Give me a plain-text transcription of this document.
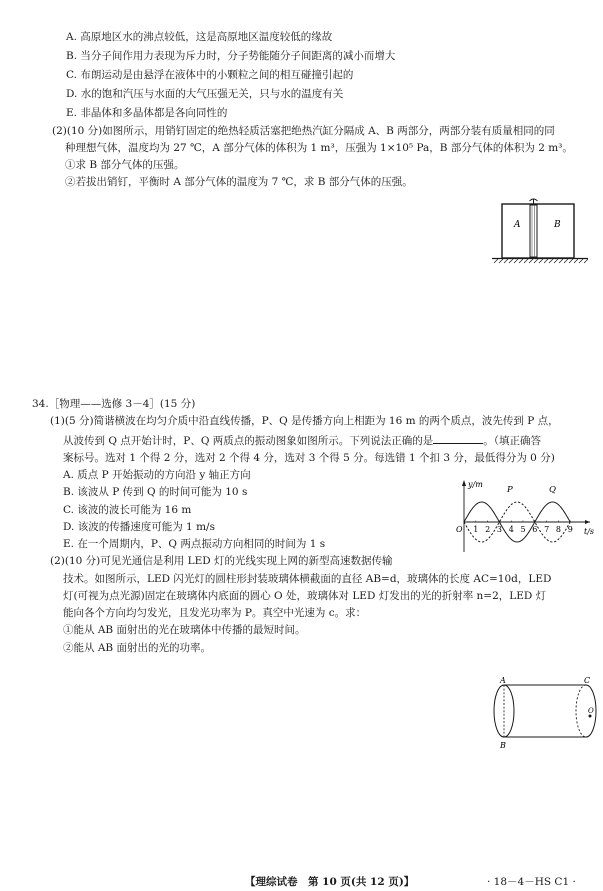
A. 高原地区水的沸点较低，这是高原地区温度较低的缘故
B. 当分子间作用力表现为斥力时，分子势能随分子间距离的减小而增大
C. 布朗运动是由悬浮在液体中的小颗粒之间的相互碰撞引起的
D. 水的饱和汽压与水面的大气压强无关，只与水的温度有关
E. 非晶体和多晶体都是各向同性的
(2)(10 分)如图所示，用销钉固定的绝热轻质活塞把绝热汽缸分隔成 A、B 两部分，两部分装有质量相同的同
种理想气体，温度均为 27 ℃，A 部分气体的体积为 1 m³，压强为 1×10⁵ Pa，B 部分气体的体积为 2 m³。
①求 B 部分气体的压强。
②若拔出销钉，平衡时 A 部分气体的温度为 7 ℃，求 B 部分气体的压强。
A	B
34.［物理——选修 3－4］(15 分)
(1)(5 分)简谐横波在均匀介质中沿直线传播，P、Q 是传播方向上相距为 16 m 的两个质点，波先传到 P 点，
从波传到 Q 点开始计时，P、Q 两质点的振动图象如图所示。下列说法正确的是	。（填正确答
案标号。选对 1 个得 2 分，选对 2 个得 4 分，选对 3 个得 5 分。每选错 1 个扣 3 分，最低得分为 0 分)
A. 质点 P 开始振动的方向沿 y 轴正方向
B. 该波从 P 传到 Q 的时间可能为 10 s
C. 该波的波长可能为 16 m
D. 该波的传播速度可能为 1 m/s
E. 在一个周期内，P、Q 两点振动方向相同的时间为 1 s
(2)(10 分)可见光通信是利用 LED 灯的光线实现上网的新型高速数据传输
技术。如图所示，LED 闪光灯的圆柱形封装玻璃体横截面的直径 AB=d，玻璃体的长度 AC=10d，LED
灯(可视为点光源)固定在玻璃体内底面的圆心 O 处，玻璃体对 LED 灯发出的光的折射率 n=2，LED 灯
能向各个方向均匀发光，且发光功率为 P。真空中光速为 c。求：
①能从 AB 面射出的光在玻璃体中传播的最短时间。
②能从 AB 面射出的光的功率。
y/m
t/s
O 1 2 3 4 5 6 7 8 9
P	Q
A
B
C
O
【理综试卷　第 10 页(共 12 页)】	· 18－4－HS C1 ·
